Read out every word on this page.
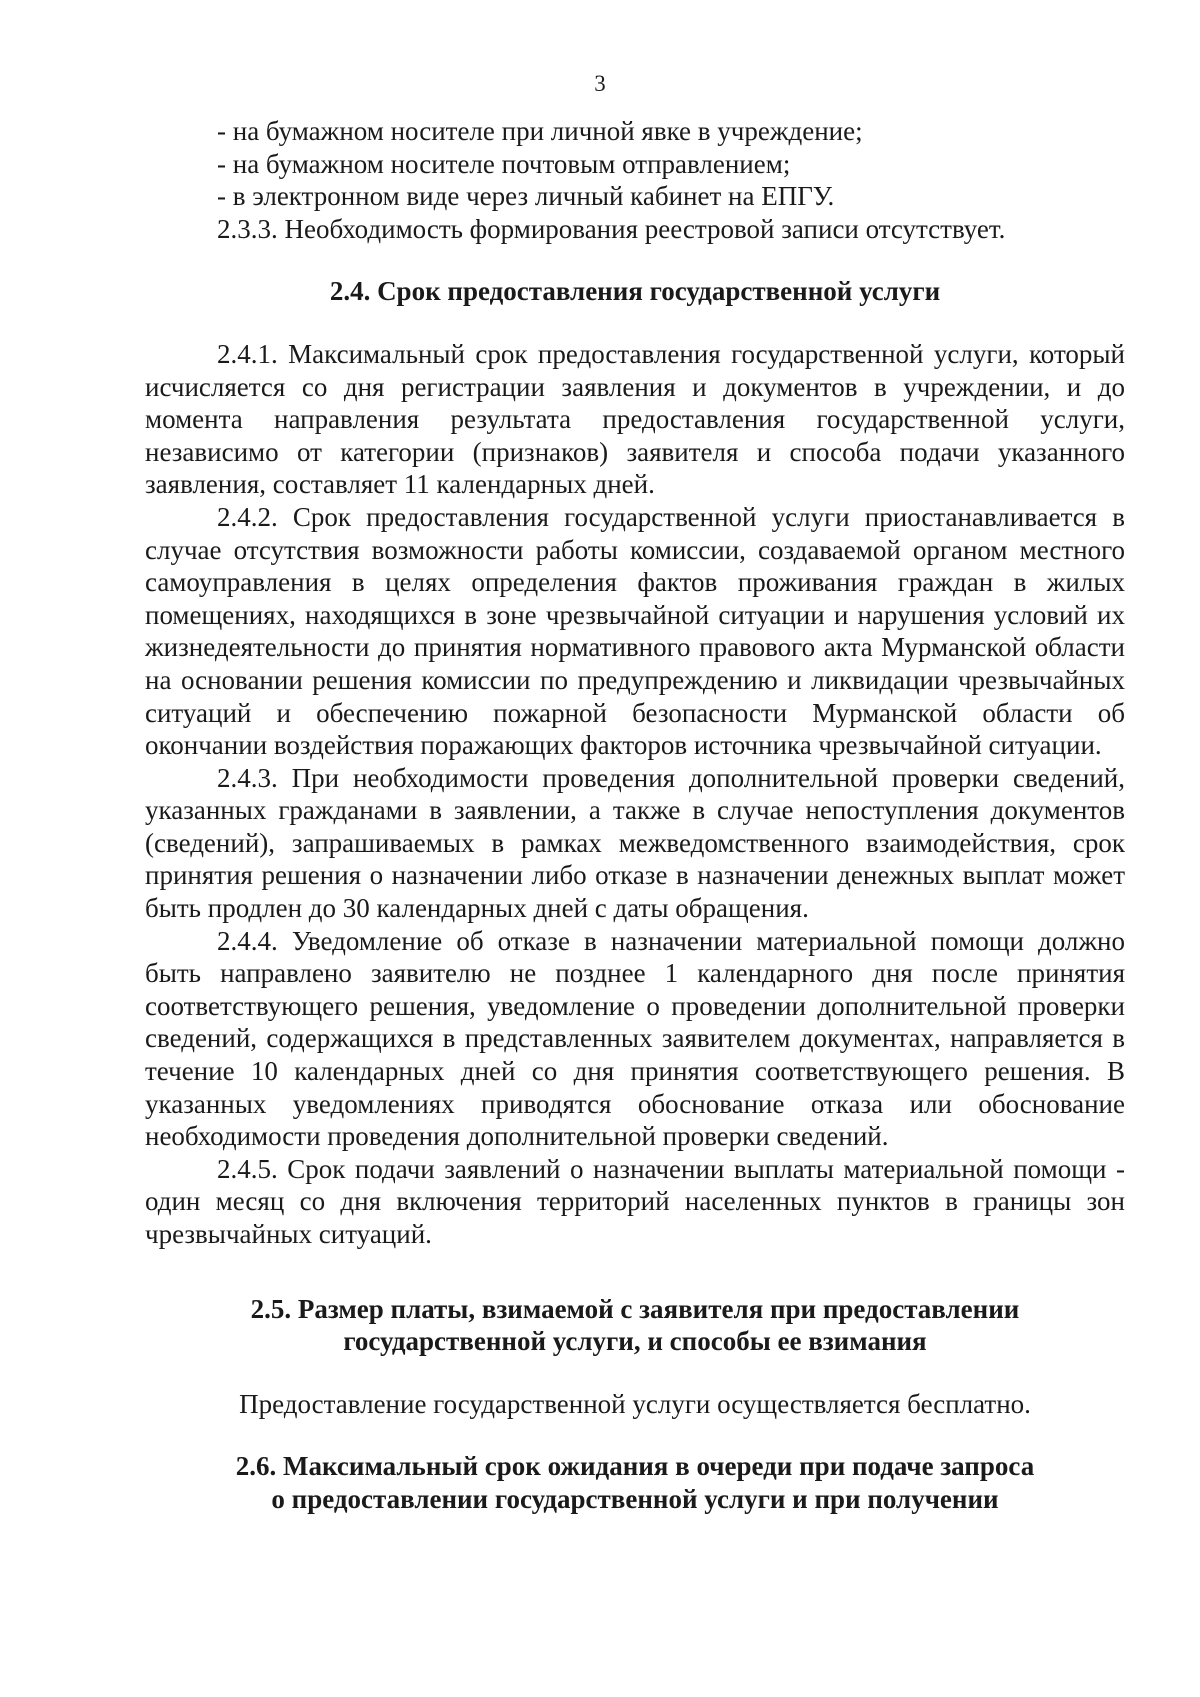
3

- на бумажном носителе при личной явке в учреждение;

- на бумажном носителе почтовым отправлением;

- в электронном виде через личный кабинет на ЕПГУ.

2.3.3. Необходимость формирования реестровой записи отсутствует.

2.4. Срок предоставления государственной услуги

2.4.1. Максимальный срок предоставления государственной услуги, который исчисляется со дня регистрации заявления и документов в учреждении, и до момента направления результата предоставления государственной услуги, независимо от категории (признаков) заявителя и способа подачи указанного заявления, составляет 11 календарных дней.

2.4.2. Срок предоставления государственной услуги приостанавливается в случае отсутствия возможности работы комиссии, создаваемой органом местного самоуправления в целях определения фактов проживания граждан в жилых помещениях, находящихся в зоне чрезвычайной ситуации и нарушения условий их жизнедеятельности до принятия нормативного правового акта Мурманской области на основании решения комиссии по предупреждению и ликвидации чрезвычайных ситуаций и обеспечению пожарной безопасности Мурманской области об окончании воздействия поражающих факторов источника чрезвычайной ситуации.

2.4.3. При необходимости проведения дополнительной проверки сведений, указанных гражданами в заявлении, а также в случае непоступления документов (сведений), запрашиваемых в рамках межведомственного взаимодействия, срок принятия решения о назначении либо отказе в назначении денежных выплат может быть продлен до 30 календарных дней с даты обращения.

2.4.4. Уведомление об отказе в назначении материальной помощи должно быть направлено заявителю не позднее 1 календарного дня после принятия соответствующего решения, уведомление о проведении дополнительной проверки сведений, содержащихся в представленных заявителем документах, направляется в течение 10 календарных дней со дня принятия соответствующего решения. В указанных уведомлениях приводятся обоснование отказа или обоснование необходимости проведения дополнительной проверки сведений.

2.4.5. Срок подачи заявлений о назначении выплаты материальной помощи - один месяц со дня включения территорий населенных пунктов в границы зон чрезвычайных ситуаций.

2.5. Размер платы, взимаемой с заявителя при предоставлении
государственной услуги, и способы ее взимания

Предоставление государственной услуги осуществляется бесплатно.

2.6. Максимальный срок ожидания в очереди при подаче запроса
о предоставлении государственной услуги и при получении
